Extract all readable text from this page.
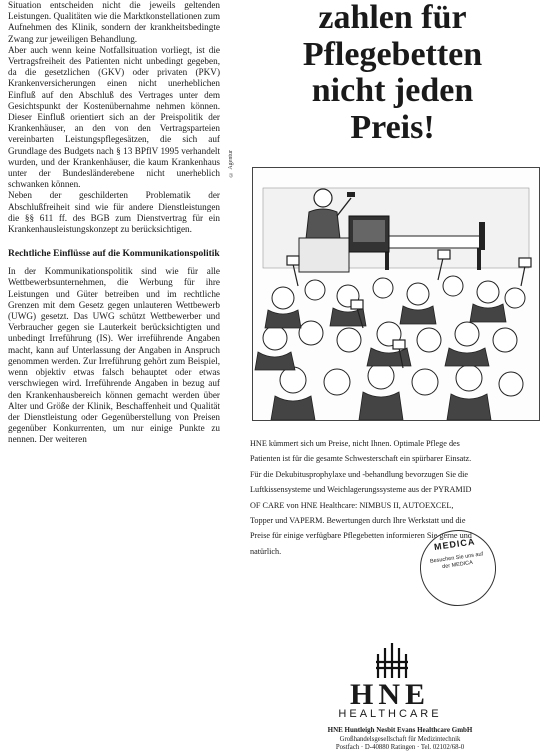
Situation entscheiden nicht die jeweils geltenden Leistungen. Qualitäten wie die Marktkonstellationen zum Aufnehmen des Klinik, sondern der krankheitsbedingte Zwang zur jeweiligen Behandlung.

Aber auch wenn keine Notfallsituation vorliegt, ist die Vertragsfreiheit des Patienten nicht unbedingt gegeben, da die gesetzlichen (GKV) oder privaten (PKV) Krankenversicherungen einen nicht unerheblichen Einfluß auf den Abschluß des Vertrages unter dem Gesichtspunkt der Kostenübernahme nehmen können. Dieser Einfluß orientiert sich an der Preispolitik der Krankenhäuser, an den von den Vertragsparteien vereinbarten Leistungspflegesätzen, die sich auf Grundlage des Budgets nach § 13 BPflV 1995 verhandelt wurden, und der Krankenhäuser, die kaum Krankenhaus unter der Bundesländerebene nicht unerheblich schwanken können.

Neben der geschilderten Problematik der Abschlußfreiheit sind wie für andere Dienstleistungen die §§ 611 ff. des BGB zum Dienstvertrag für ein Krankenhausleistungskonzept zu berücksichtigen.

Rechtliche Einflüsse auf die Kommunikationspolitik

In der Kommunikationspolitik sind wie für alle Wettbewerbsunternehmen, die Werbung für ihre Leistungen und Güter betreiben und im rechtliche Grenzen mit dem Gesetz gegen unlauteren Wettbewerb (UWG) gesetzt. Das UWG schützt Wettbewerber und Verbraucher gegen sie Lauterkeit berücksichtigten und unbedingt Irreführung (IS). Wer irreführende Angaben macht, kann auf Unterlassung der Angaben in Anspruch genommen werden. Zur Irreführung gehört zum Beispiel, wenn objektiv etwas falsch behauptet oder etwas verschwiegen wird. Irreführende Angaben in bezug auf den Krankenhausbereich können gemacht werden über Alter und Größe der Klinik, Beschaffenheit und Qualität der Dienstleistung oder Gegenüberstellung von Preisen gegenüber Konkurrenten, um nur einige Punkte zu nennen. Der weiteren

zahlen für
Pflegebetten
nicht jeden
Preis!
© Agentur
HNE kümmert sich um Preise, nicht Ihnen. Optimale Pflege des Patienten ist für die gesamte Schwesterschaft ein spürbarer Einsatz. Für die Dekubitusprophylaxe und -behandlung bevorzugen Sie die Luftkissensysteme und Weichlagerungssysteme aus der PYRAMID OF CARE von HNE Healthcare: NIMBUS II, AUTOEXCEL, Topper und VAPERM. Bewertungen durch Ihre Werkstatt und die Preise für einige verfügbare Pflegebetten informieren Sie gerne und natürlich.	MEDICA
Besuchen Sie uns auf der MEDICA
HNE
HEALTHCARE
HNE Huntleigh Nesbit Evans Healthcare GmbH
Großhandelsgesellschaft für Medizintechnik
Postfach · D-40880 Ratingen · Tel. 02102/68-0
